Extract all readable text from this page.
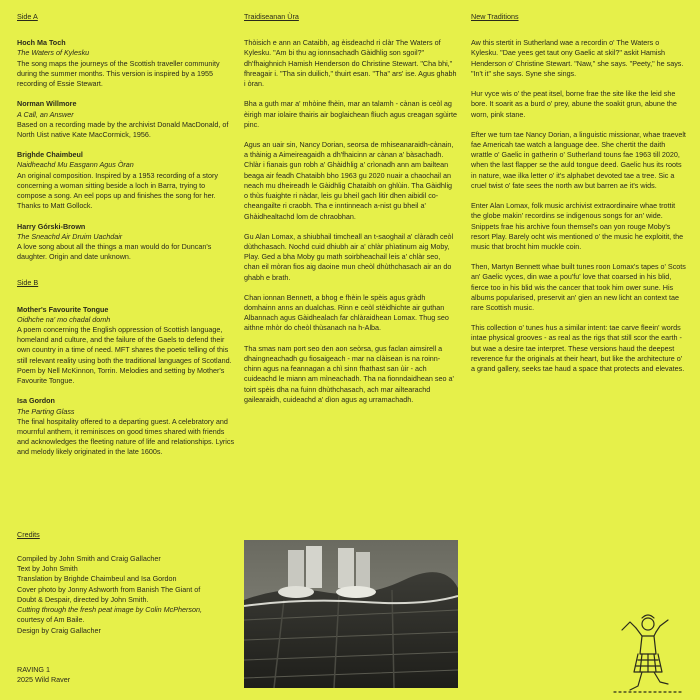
Side A
Hoch Ma Toch
The Waters of Kylesku
The song maps the journeys of the Scottish traveller community during the summer months. This version is inspired by a 1955 recording of Essie Stewart.
Norman Willmore
A Call, an Answer
Based on a recording made by the archivist Donald MacDonald, of North Uist native Kate MacCormick, 1956.
Brighde Chaimbeul
Naidheachd Mu Easgann Agus Òran
An original composition. Inspired by a 1953 recording of a story concerning a woman sitting beside a loch in Barra, trying to compose a song. An eel pops up and finishes the song for her. Thanks to Matt Gollock.
Harry Górski-Brown
The Sneachd Air Druim Uachdair
A love song about all the things a man would do for Duncan's daughter. Origin and date unknown.
Side B
Mother's Favourite Tongue
Oidhche na' mo chadal domh
A poem concerning the English oppression of Scottish language, homeland and culture, and the failure of the Gaels to defend their own country in a time of need. MFT shares the poetic telling of this still relevant reality using both the traditional languages of Scotland. Poem by Nell McKinnon, Torrin. Melodies and setting by Mother's Favourite Tongue.
Isa Gordon
The Parting Glass
The final hospitality offered to a departing guest. A celebratory and mournful anthem, it reminisces on good times shared with friends and acknowledges the fleeting nature of life and relationships. Lyrics and melody likely originated in the late 1600s.
Credits
Compiled by John Smith and Craig Gallacher
Text by John Smith
Translation by Brighde Chaimbeul and Isa Gordon
Cover photo by Jonny Ashworth from Banish The Giant of
Doubt & Despair, directed by John Smith.
Cutting through the fresh peat image by Colin McPherson,
courtesy of Am Baile.
Design by Craig Gallacher
RAVING 1
2025 Wild Raver
Traidiseanan Ùra

Thòisich e ann an Cataibh, ag èisdeachd ri clàr The Waters of Kylesku. "Am bi thu ag ionnsachadh Gàidhlig son sgoil?" dh'fhaighnich Hamish Henderson do Christine Stewart. "Cha bhi," fhreagair i. "Tha sin duilich," thuirt esan. "Tha" ars' ise. Agus ghabh i òran.

Bha a guth mar a' mhòine fhèin, mar an talamh - cànan is ceòl ag èirigh mar iolaire thairis air boglaichean fliuch agus creagan sgùirte pinc.

Agus an uair sin, Nancy Dorian, seorsa de mhiseanaraidh-cànain, a thàinig a Aimeireagaidh a dh'fhaicinn ar cànan a' bàsachadh. Chlàr i fianais gun robh a' Ghàidhlig a' crìonadh ann am bailtean beaga air feadh Chataibh bho 1963 gu 2020 nuair a chaochail an neach mu dheireadh le Gàidhlig Chataibh on ghlùin. Tha Gàidhlig o thùs fuaighte ri nàdar, leis gu bheil gach litir dhen aibidil co-cheangailte ri craobh. Tha e inntinneach a-nist gu bheil a' Ghàidhealtachd lom de chraobhan.

Gu Alan Lomax, a shiubhail timcheall an t-saoghail a' clàradh ceòl dùthchasach. Nochd cuid dhiubh air a' chlàr phìatinum aig Moby, Play. Ged a bha Moby gu math soirbheachail leis a' chlàr seo, chan eil mòran fios aig daoine mun cheòl dhùthchasach air an do ghabh e brath.

Chan ionnan Bennett, a bhog e fhèin le spèis agus gràdh domhainn anns an dualchas. Rinn e ceòl stèidhichte air guthan Albannach agus Gàidhealach far chlàraidhean Lomax. Thug seo aithne mhòr do cheòl thùsanach na h-Alba.

Tha smas nam port seo den aon seòrsa, gus faclan aimsirell a dhaingneachadh gu fiosaigeach - mar na clàisean is na roinn-chinn agus na feannagan a chì sinn fhathast san ùir - ach cuideachd le miann am mìneachadh. Tha na fionndaidhean seo a' toirt spèis dha na fuinn dhùthchasach, ach mar ailtearachd gailearaidh, cuideachd a' dìon agus ag urramachadh.

New Traditions

Aw this stertit in Sutherland wae a recordin o' The Waters o Kylesku. "Dae yees get taut ony Gaelic at skil?" askit Hamish Henderson o' Christine Stewart. "Naw," she says. "Peety," he says. "In't it" she says. Syne she sings.

Hur vyce wis o' the peat itsel, borne frae the site like the leid she bore. It soarit as a burd o' prey, abune the soakit grun, abune the worn, pink stane.

Efter we turn tae Nancy Dorian, a linguistic missionar, whae traevelt fae Americah tae watch a language dee. She chertit the daith wrattle o' Gaelic in gatherin o' Sutherland touns fae 1963 till 2020, when the last flapper se the auld tongue deed. Gaelic hus its roots in nature, wae ilka letter o' it's alphabet devoted tae a tree. Sic a cruel twist o' fate sees the north aw but barren ae it's wids.

Enter Alan Lomax, folk music archivist extraordinaire whae trottit the globe makin' recordins se indigenous songs for an' wide. Snippets frae his archive foun themsel's oan yon rouge Moby's resort Play. Barely ocht wis mentioned o' the music he exploitit, the music that brocht him muckle coin.

Then, Martyn Bennett whae built tunes roon Lomax's tapes o' Scots an' Gaelic vyces, din wae a pou'fu' love that coarsed in his blid, fierce too in his blid wis the cancer that took him ower sune. His albums popularised, preservit an' gien an new licht an context tae rare Scottish music.

This collection o' tunes hus a similar intent: tae carve fleein' words intae physical grooves - as real as the rigs that still scor the earth - but wae a desire tae interpret. These versions haud the deepest reverence fur the originals at their heart, but like the architecture o' a grand gallery, seeks tae haud a space that protects and elevates.
